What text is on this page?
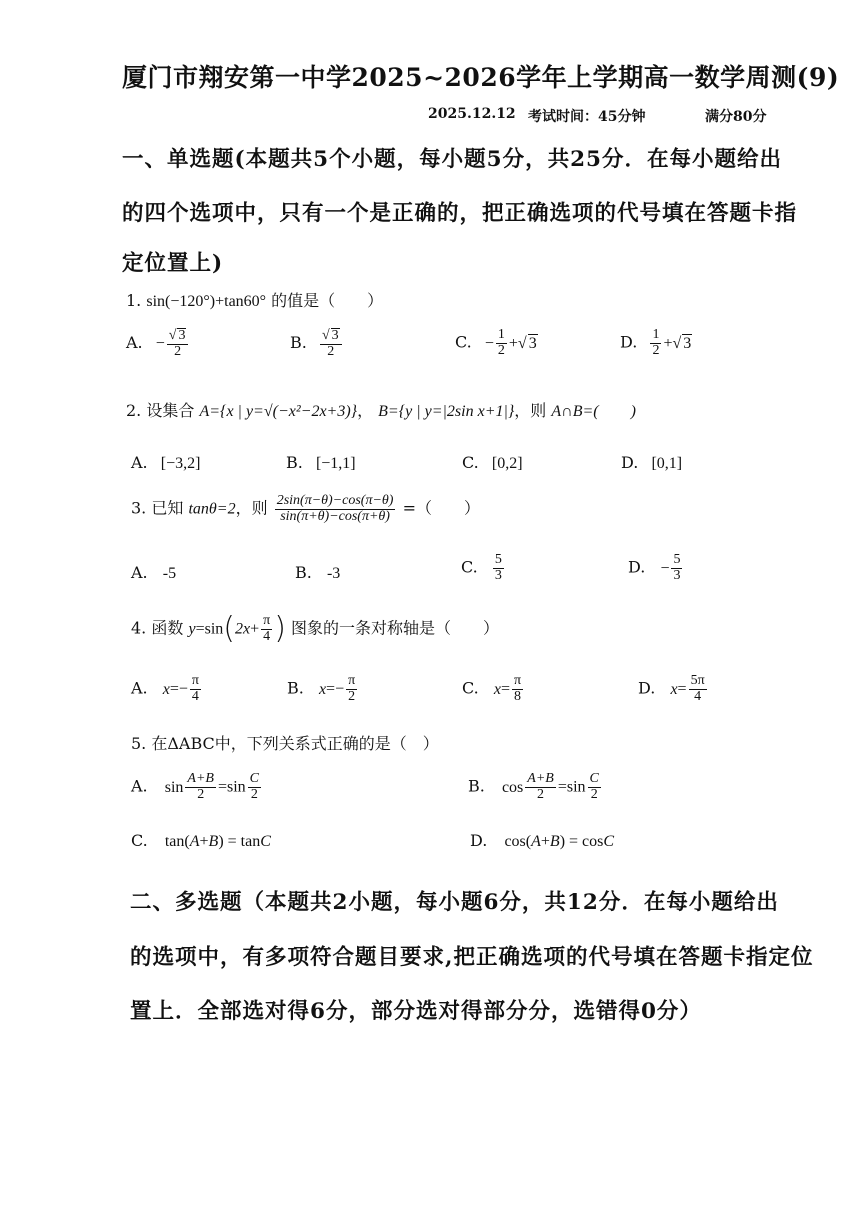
厦门市翔安第一中学2025~2026学年上学期高一数学周测(9)
2025.12.12 考试时间：45分钟	满分80分
一、单选题(本题共5个小题，每小题5分，共25分．在每小题给出
的四个选项中，只有一个是正确的，把正确选项的代号填在答题卡指
定位置上)
1. sin(−120°)+tan60° 的值是（　　）
A. − $\frac{√ 3}{2}$	B. $\frac{√ 3}{2}$	C. − $\frac{1}{2}$ +√ 3	D. $\frac{1}{2}$ +√ 3
2. 设集合 A={x | y=√(−x²−2x+3)}， B={y | y=|2sin x+1|}，则 A∩B=(　　)
A. [−3,2]	B. [−1,1]	C. [0,2]	D. [0,1]
3. 已知 tanθ=2，则 $\frac{2\sin(\pi-\theta)-\cos(\pi-\theta)}{\sin(\pi+\theta)-\cos(\pi+\theta)}$ =（　　）
A. -5	B. -3	C. $\frac{5}{3}$	D. − $\frac{5}{3}$
4. 函数 $y=\sin(2x+ \frac{\pi}{4}$ ) 图象的一条对称轴是（　　）
A. $x=- \frac{\pi}{4}$	B. $x=- \frac{\pi}{2}$	C. $x= \frac{\pi}{8}$	D. $x= \frac{5\pi}{4}$
5. 在ΔABC中，下列关系式正确的是（　）
A. $\sin \frac{A+B}{2} =\sin \frac{C}{2}$	B. $\cos \frac{A+B}{2} =\sin \frac{C}{2}$
C. tan(A+B) = tanC	D. cos(A+B) = cosC
二、多选题（本题共2小题，每小题6分，共12分．在每小题给出
的选项中，有多项符合题目要求,把正确选项的代号填在答题卡指定位
置上．全部选对得6分，部分选对得部分分，选错得0分）
